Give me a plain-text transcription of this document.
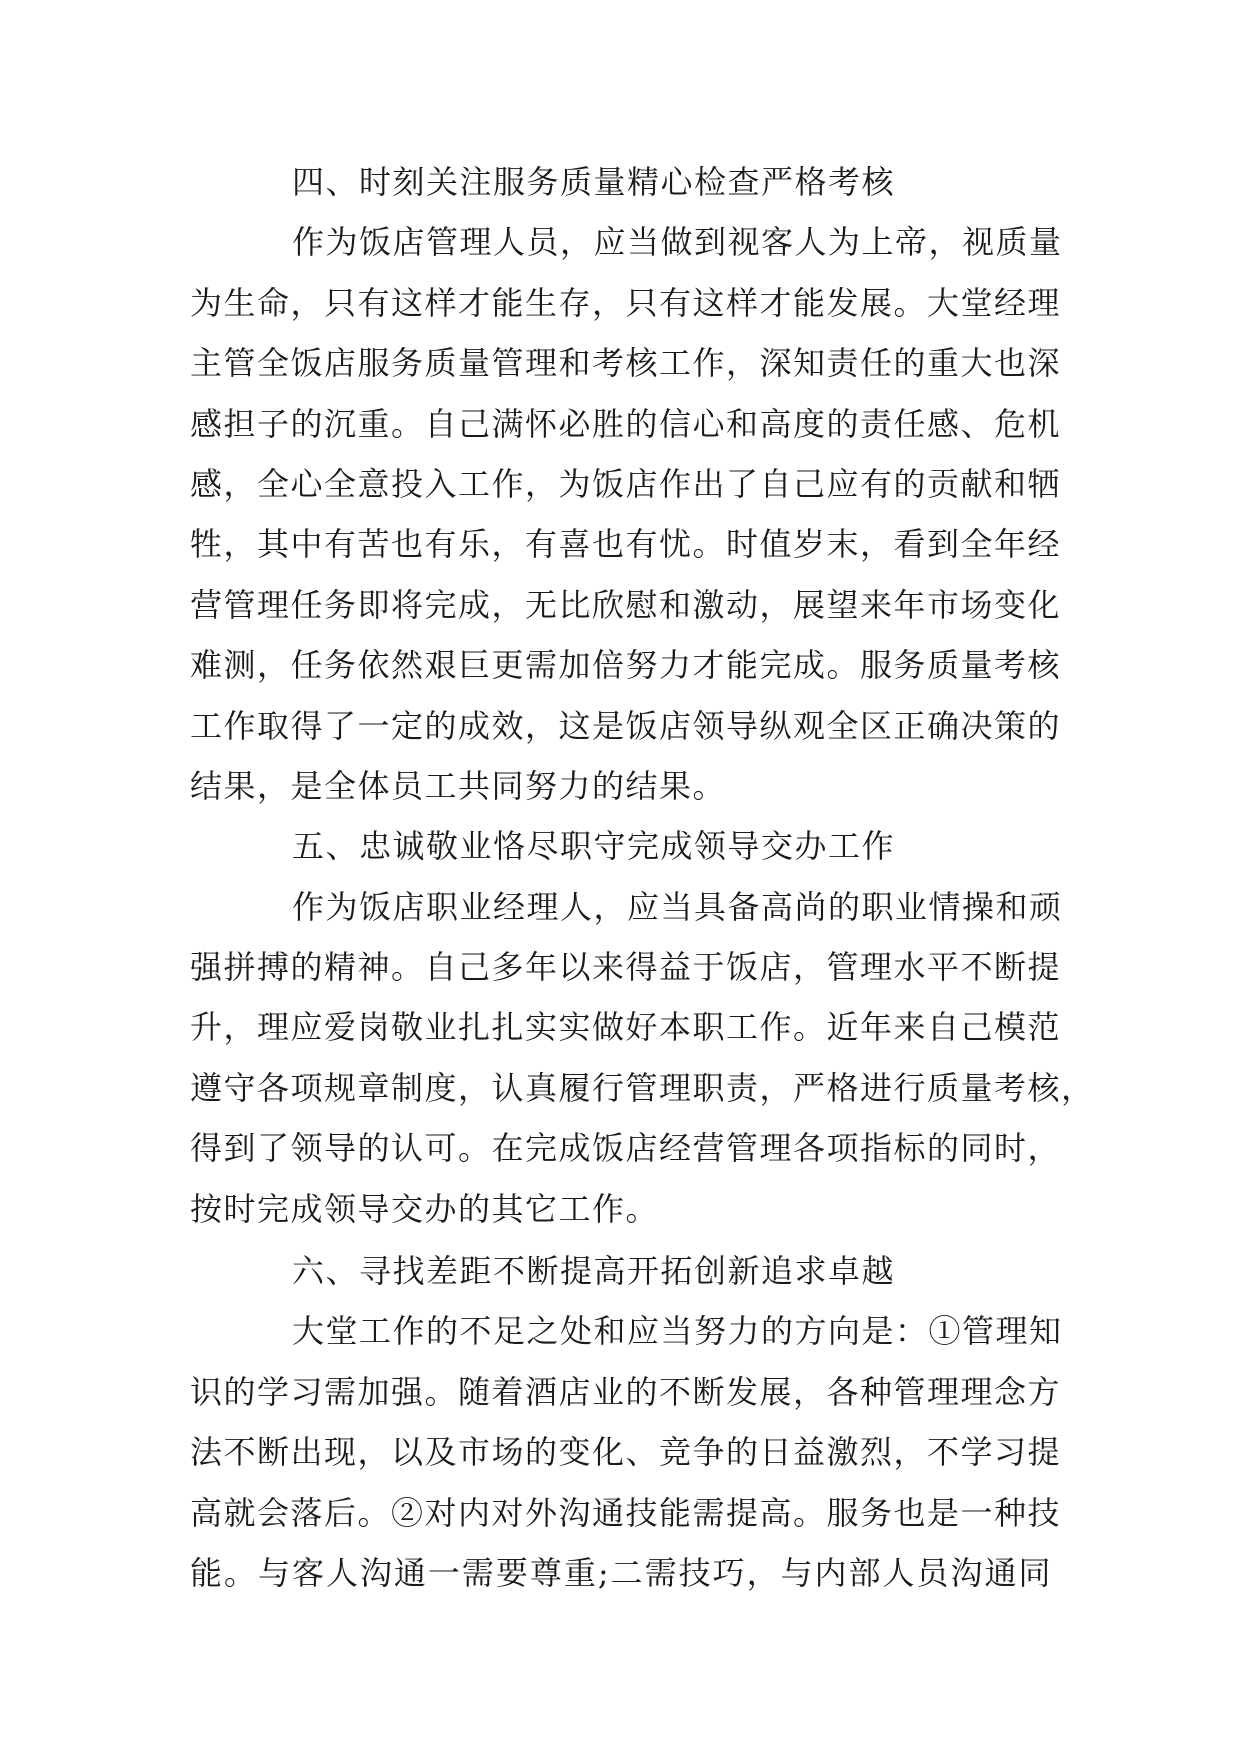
四、时刻关注服务质量精心检查严格考核
作为饭店管理人员，应当做到视客人为上帝，视质量
为生命，只有这样才能生存，只有这样才能发展。大堂经理
主管全饭店服务质量管理和考核工作，深知责任的重大也深
感担子的沉重。自己满怀必胜的信心和高度的责任感、危机
感，全心全意投入工作，为饭店作出了自己应有的贡献和牺
牲，其中有苦也有乐，有喜也有忧。时值岁末，看到全年经
营管理任务即将完成，无比欣慰和激动，展望来年市场变化
难测，任务依然艰巨更需加倍努力才能完成。服务质量考核
工作取得了一定的成效，这是饭店领导纵观全区正确决策的
结果，是全体员工共同努力的结果。
五、忠诚敬业恪尽职守完成领导交办工作
作为饭店职业经理人，应当具备高尚的职业情操和顽
强拼搏的精神。自己多年以来得益于饭店，管理水平不断提
升，理应爱岗敬业扎扎实实做好本职工作。近年来自己模范
遵守各项规章制度，认真履行管理职责，严格进行质量考核，
得到了领导的认可。在完成饭店经营管理各项指标的同时，
按时完成领导交办的其它工作。
六、寻找差距不断提高开拓创新追求卓越
大堂工作的不足之处和应当努力的方向是：①管理知
识的学习需加强。随着酒店业的不断发展，各种管理理念方
法不断出现，以及市场的变化、竞争的日益激烈，不学习提
高就会落后。②对内对外沟通技能需提高。服务也是一种技
能。与客人沟通一需要尊重;二需技巧，与内部人员沟通同
